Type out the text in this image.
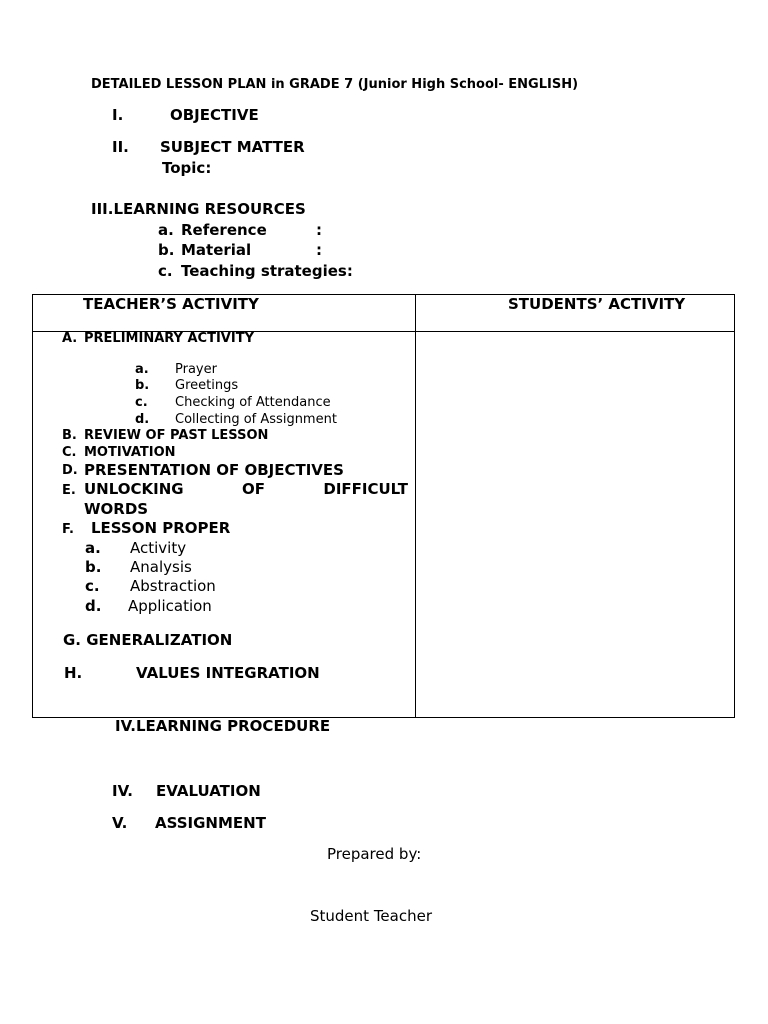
DETAILED LESSON PLAN in GRADE 7 (Junior High School- ENGLISH)
I.	OBJECTIVE
II. SUBJECT MATTER
Topic:
III.LEARNING RESOURCES
a. Reference	:
b. Material	:
c. Teaching strategies:
TEACHER’S ACTIVITY	STUDENTS’ ACTIVITY
A. PRELIMINARY ACTIVITY
a. Prayer
b. Greetings
c. Checking of Attendance
d. Collecting of Assignment
B. REVIEW OF PAST LESSON
C. MOTIVATION
D. PRESENTATION OF OBJECTIVES
E. UNLOCKING	OF	DIFFICULT
WORDS
F. LESSON PROPER
a. Activity
b. Analysis
c. Abstraction
d. Application
G. GENERALIZATION
H.	VALUES INTEGRATION
IV.LEARNING PROCEDURE
IV. EVALUATION
V. ASSIGNMENT
Prepared by:
Student Teacher
